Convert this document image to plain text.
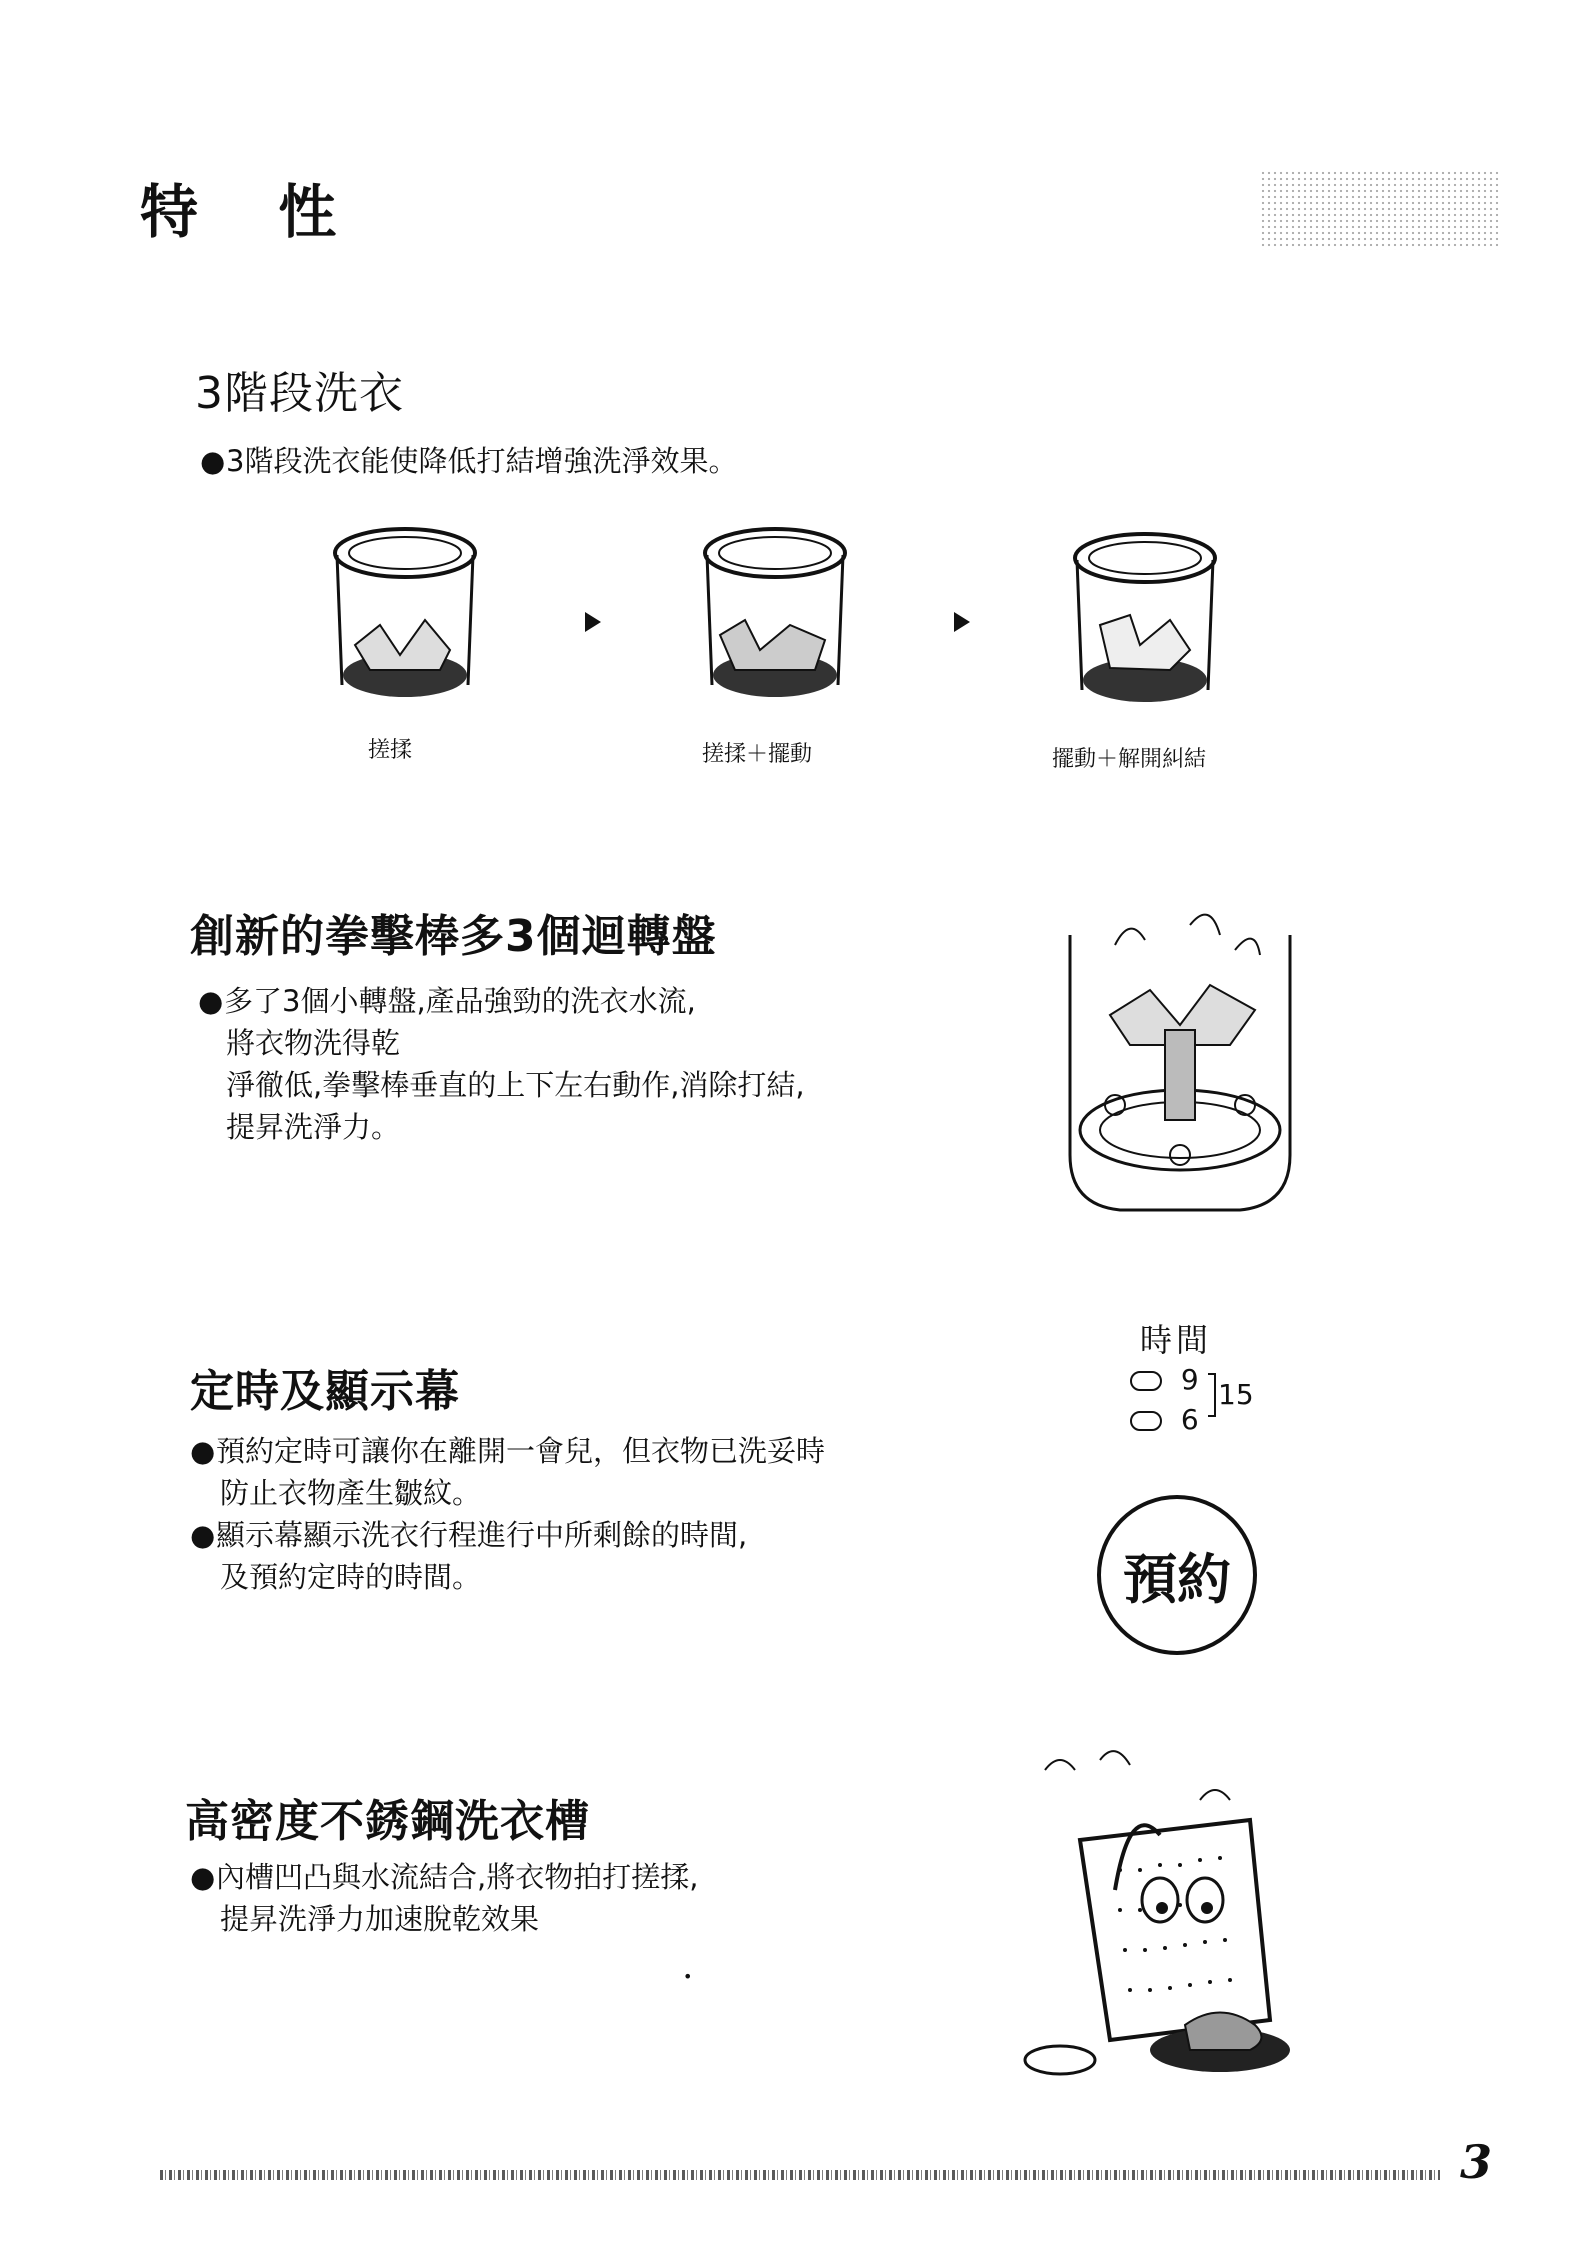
特 性
3階段洗衣
●3階段洗衣能使降低打結增強洗淨效果。
搓揉	搓揉＋擺動	擺動＋解開糾結
創新的拳擊棒多3個迴轉盤
●多了3個小轉盤,產品強勁的洗衣水流,
將衣物洗得乾
淨徹低,拳擊棒垂直的上下左右動作,消除打結,
提昇洗淨力。
定時及顯示幕
●預約定時可讓你在離開一會兒，但衣物已洗妥時
防止衣物產生皺紋。
●顯示幕顯示洗衣行程進行中所剩餘的時間,
及預約定時的時間。
時間
9
6
15
預約
高密度不銹鋼洗衣槽
●內槽凹凸與水流結合,將衣物拍打搓揉,
提昇洗淨力加速脫乾效果
•
3
